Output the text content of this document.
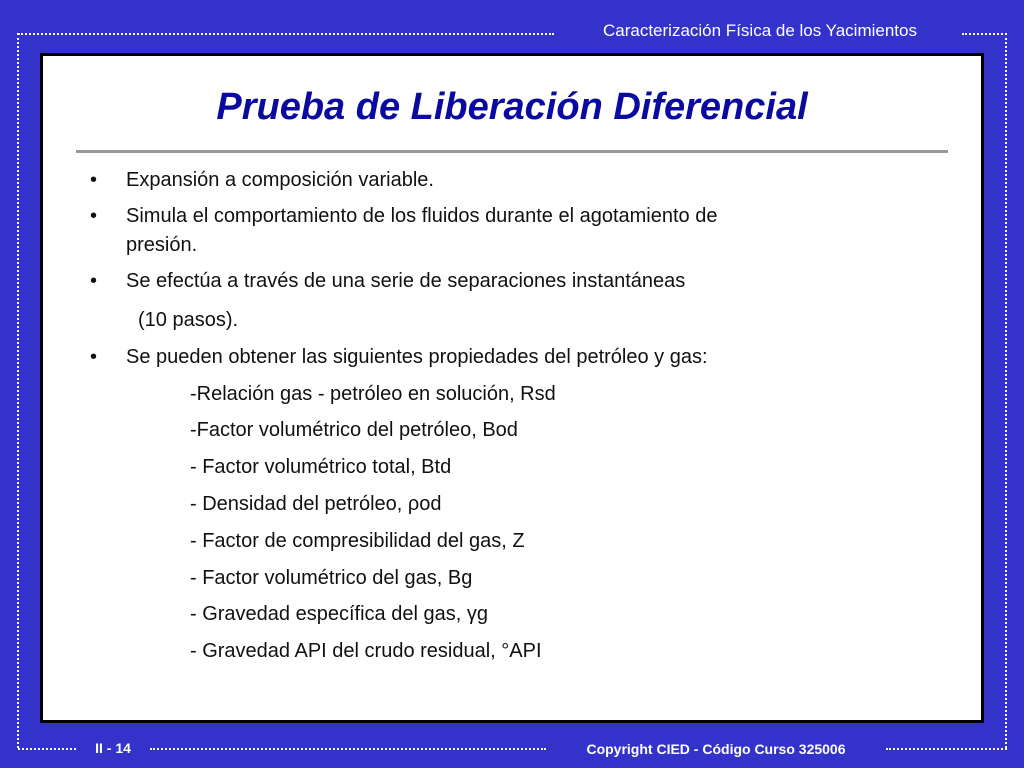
Caracterización Física de los Yacimientos
Prueba de Liberación Diferencial
• Expansión a composición variable.
• Simula el comportamiento de los fluidos durante el agotamiento de
presión.
• Se efectúa a través de una serie de separaciones instantáneas
(10 pasos).
• Se pueden obtener las siguientes propiedades del petróleo y gas:
-Relación gas - petróleo en solución, Rsd
-Factor volumétrico del petróleo, Bod
- Factor volumétrico total, Btd
- Densidad del petróleo, ρod
- Factor de compresibilidad del gas, Z
- Factor volumétrico del gas, Bg
- Gravedad específica del gas, γg
- Gravedad API del crudo residual, °API
II - 14	Copyright CIED - Código Curso 325006
